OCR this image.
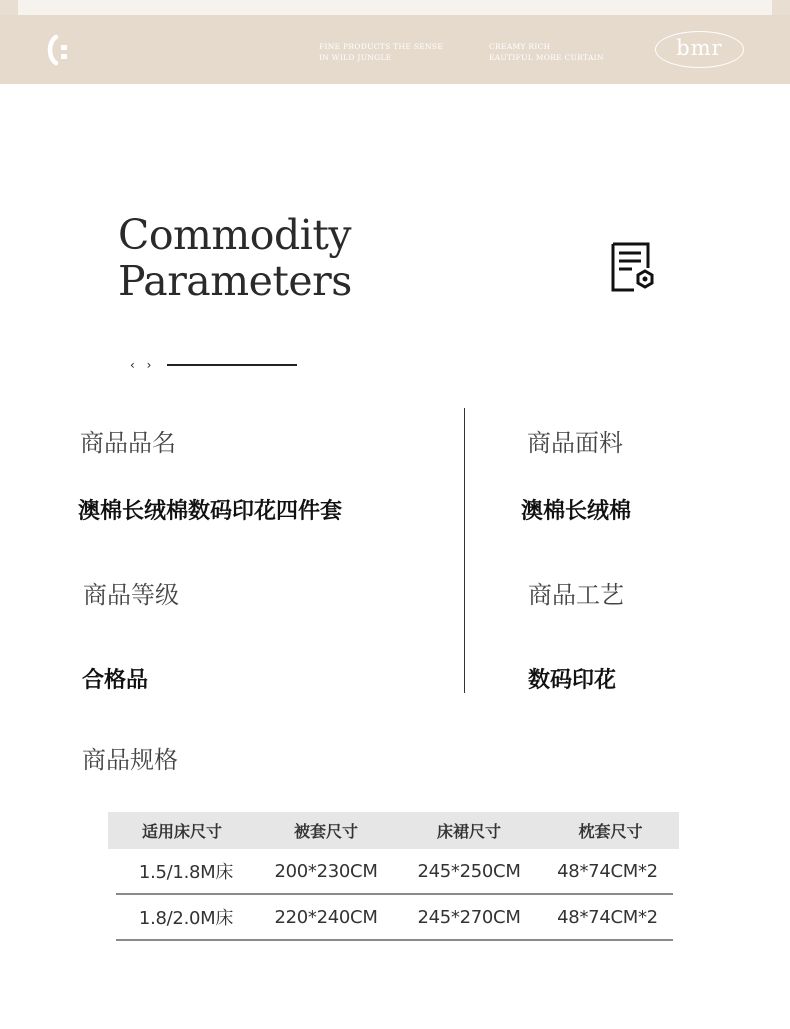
FINE PRODUCTS THE SENSE
IN WILD JUNGLE
CREAMY RICH
EAUTIFUL MORE CURTAIN	bmr
Commodity
Parameters
‹ ›
商品品名
澳棉长绒棉数码印花四件套
商品面料
澳棉长绒棉
商品等级
合格品
商品工艺
数码印花
商品规格
适用床尺寸	被套尺寸	床裙尺寸	枕套尺寸
1.5/1.8M床	200*230CM	245*250CM	48*74CM*2
1.8/2.0M床	220*240CM	245*270CM	48*74CM*2
